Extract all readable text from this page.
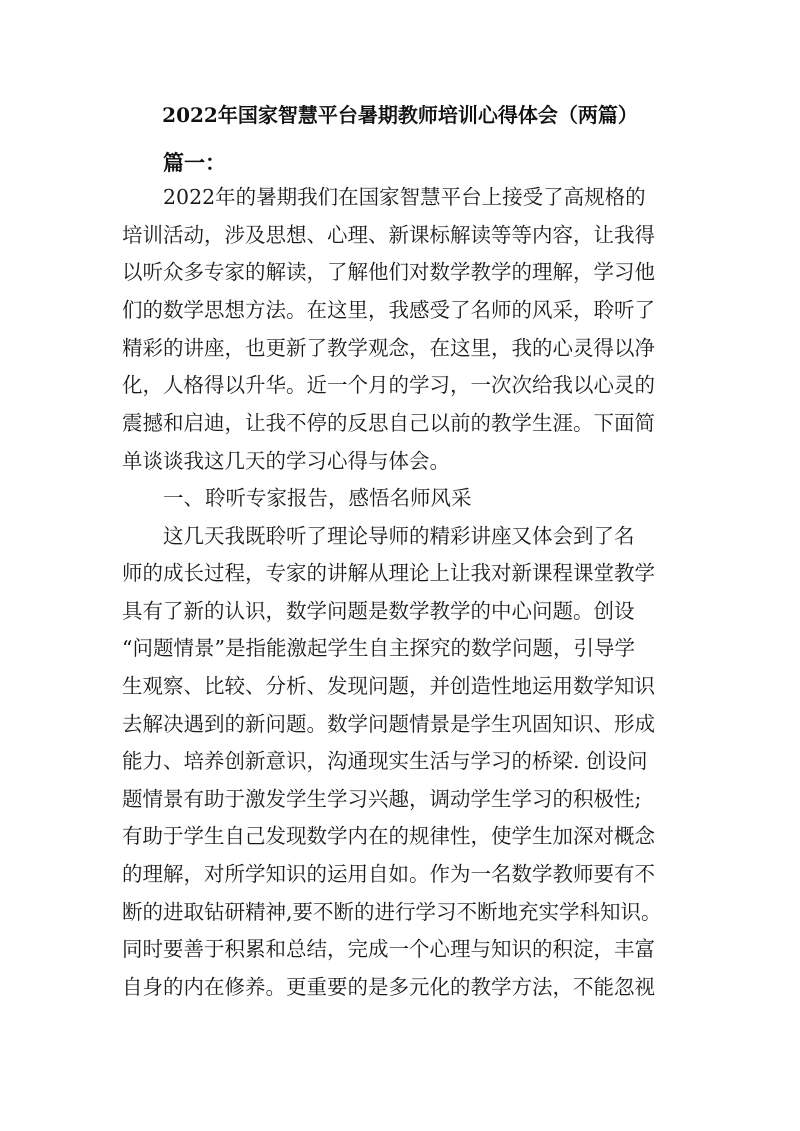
2022年国家智慧平台暑期教师培训心得体会（两篇）
篇一：
2022年的暑期我们在国家智慧平台上接受了高规格的
培训活动，涉及思想、心理、新课标解读等等内容，让我得
以听众多专家的解读，了解他们对数学教学的理解，学习他
们的数学思想方法。在这里，我感受了名师的风采，聆听了
精彩的讲座，也更新了教学观念，在这里，我的心灵得以净
化，人格得以升华。近一个月的学习，一次次给我以心灵的
震撼和启迪，让我不停的反思自己以前的教学生涯。下面简
单谈谈我这几天的学习心得与体会。
一、聆听专家报告，感悟名师风采
这几天我既聆听了理论导师的精彩讲座又体会到了名
师的成长过程，专家的讲解从理论上让我对新课程课堂教学
具有了新的认识，数学问题是数学教学的中心问题。创设
“问题情景”是指能激起学生自主探究的数学问题，引导学
生观察、比较、分析、发现问题，并创造性地运用数学知识
去解决遇到的新问题。数学问题情景是学生巩固知识、形成
能力、培养创新意识，沟通现实生活与学习的桥梁. 创设问
题情景有助于激发学生学习兴趣，调动学生学习的积极性;
有助于学生自己发现数学内在的规律性，使学生加深对概念
的理解，对所学知识的运用自如。作为一名数学教师要有不
断的进取钻研精神,要不断的进行学习不断地充实学科知识。
同时要善于积累和总结，完成一个心理与知识的积淀，丰富
自身的内在修养。更重要的是多元化的教学方法，不能忽视
